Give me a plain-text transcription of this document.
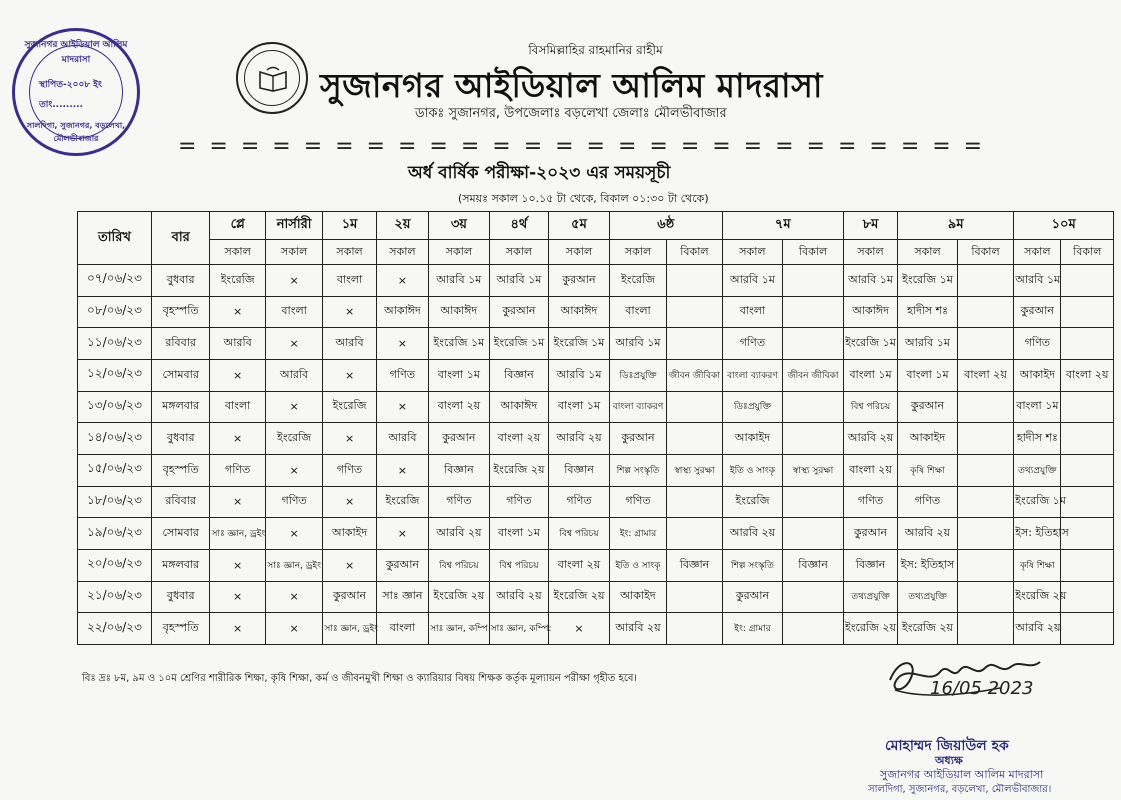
সুজানগর আইডিয়াল আলিম মাদরাসা
স্থাপিত-২০০৮ ইং
তাং.........
সালদিগা, সুজানগর, বড়লেখা, মৌলভীবাজার
বিসমিল্লাহির রাহমানির রাহীম
সুজানগর আইডিয়াল আলিম মাদরাসা
ডাকঃ সুজানগর, উপজেলাঃ বড়লেখা জেলাঃ মৌলভীবাজার
= = = = = = = = = = = = = = = = = = = = = = = = = =
অর্ধ বার্ষিক পরীক্ষা-২০২৩ এর সময়সূচী
(সময়ঃ সকাল ১০.১৫ টা থেকে, বিকাল ০১:৩০ টা থেকে)
তারিখ	বার	প্লে	নার্সারী	১ম	২য়	৩য়	৪র্থ	৫ম	৬ষ্ঠ		৭ম		৮ম	৯ম		১০ম	
		সকাল	সকাল	সকাল	সকাল	সকাল	সকাল	সকাল	সকাল	বিকাল	সকাল	বিকাল	সকাল	সকাল	বিকাল	সকাল	বিকাল
০৭/০৬/২৩	বুধবার	ইংরেজি	×	বাংলা	×	আরবি ১ম	আরবি ১ম	কুরআন	ইংরেজি		আরবি ১ম		আরবি ১ম	ইংরেজি ১ম		আরবি ১ম	
০৮/০৬/২৩	বৃহস্পতি	×	বাংলা	×	আকাঈদ	আকাঈদ	কুরআন	আকাঈদ	বাংলা		বাংলা		আকাঈদ	হাদীস শঃ		কুরআন	
১১/০৬/২৩	রবিবার	আরবি	×	আরবি	×	ইংরেজি ১ম	ইংরেজি ১ম	ইংরেজি ১ম	আরবি ১ম		গণিত		ইংরেজি ১ম	আরবি ১ম		গণিত	
১২/০৬/২৩	সোমবার	×	আরবি	×	গণিত	বাংলা ১ম	বিজ্ঞান	আরবি ১ম	ডিঃপ্রযুক্তি	জীবন জীবিকা	বাংলা ব্যাকরণ	জীবন জীবিকা	বাংলা ১ম	বাংলা ১ম	বাংলা ২য়	আকাইদ	বাংলা ২য়
১৩/০৬/২৩	মঙ্গলবার	বাংলা	×	ইংরেজি	×	বাংলা ২য়	আকাঈদ	বাংলা ১ম	বাংলা ব্যাকরণ		ডিঃপ্রযুক্তি		বিশ্ব পরিচয়	কুরআন		বাংলা ১ম	
১৪/০৬/২৩	বুধবার	×	ইংরেজি	×	আরবি	কুরআন	বাংলা ২য়	আরবি ২য়	কুরআন		আকাইদ		আরবি ২য়	আকাইদ		হাদীস শঃ	
১৫/০৬/২৩	বৃহস্পতি	গণিত	×	গণিত	×	বিজ্ঞান	ইংরেজি ২য়	বিজ্ঞান	শিল্প সংস্কৃতি	স্বাস্থ্য সুরক্ষা	ইতি ও সাংকৃ	স্বাস্থ্য সুরক্ষা	বাংলা ২য়	কৃষি শিক্ষা		তথ্যপ্রযুক্তি	
১৮/০৬/২৩	রবিবার	×	গণিত	×	ইংরেজি	গণিত	গণিত	গণিত	গণিত		ইংরেজি		গণিত	গণিত		ইংরেজি ১ম	
১৯/০৬/২৩	সোমবার	সাঃ জ্ঞান, ড্রইং	×	আকাইদ	×	আরবি ২য়	বাংলা ১ম	বিশ্ব পরিচয়	ইং: গ্রামার		আরবি ২য়		কুরআন	আরবি ২য়		ইস: ইতিহাস	
২০/০৬/২৩	মঙ্গলবার	×	সাঃ জ্ঞান, ড্রইং	×	কুরআন	বিশ্ব পরিচয়	বিশ্ব পরিচয়	বাংলা ২য়	ইতি ও সাংকৃ	বিজ্ঞান	শিল্প সংস্কৃতি	বিজ্ঞান	বিজ্ঞান	ইস: ইতিহাস		কৃষি শিক্ষা	
২১/০৬/২৩	বুধবার	×	×	কুরআন	সাঃ জ্ঞান	ইংরেজি ২য়	আরবি ২য়	ইংরেজি ২য়	আকাইদ		কুরআন		তথ্যপ্রযুক্তি	তথ্যপ্রযুক্তি		ইংরেজি ২য়	
২২/০৬/২৩	বৃহস্পতি	×	×	সাঃ জ্ঞান, ড্রইং	বাংলা	সাঃ জ্ঞান, কম্পি:	সাঃ জ্ঞান, কম্পি:	×	আরবি ২য়		ইং: গ্রামার		ইংরেজি ২য়	ইংরেজি ২য়		আরবি ২য়	
বিঃ দ্রঃ ৮ম, ৯ম ও ১০ম শ্রেণির শারীরিক শিক্ষা, কৃষি শিক্ষা, কর্ম ও জীবনমুখী শিক্ষা ও ক্যারিয়ার বিষয় শিক্ষক কর্তৃক মূল্যায়ন পরীক্ষা গৃহীত হবে।	16/05 2023
মোহাম্মদ জিয়াউল হক
অধ্যক্ষ
সুজানগর আইডিয়াল আলিম মাদরাসা
সালদিগা, সুজানগর, বড়লেখা, মৌলভীবাজার।
